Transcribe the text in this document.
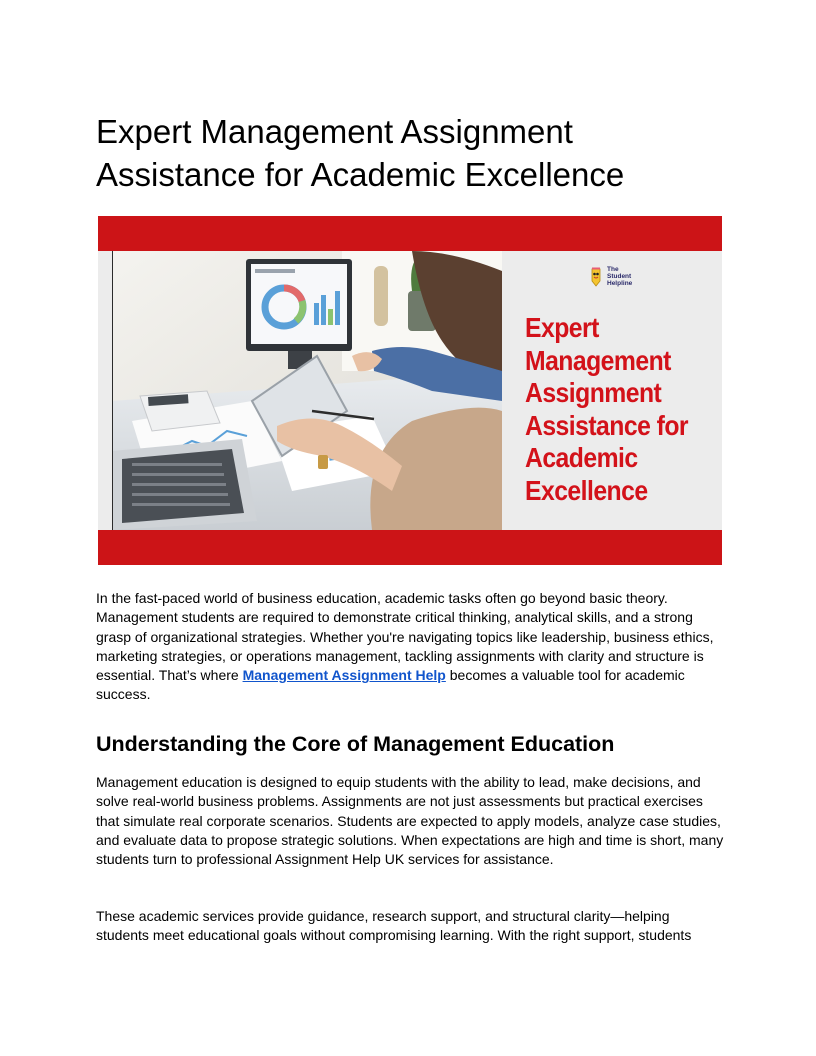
Expert Management Assignment Assistance for Academic Excellence
The Student Helpline
Expert
Management
Assignment
Assistance for
Academic
Excellence

In the fast-paced world of business education, academic tasks often go beyond basic theory. Management students are required to demonstrate critical thinking, analytical skills, and a strong grasp of organizational strategies. Whether you're navigating topics like leadership, business ethics, marketing strategies, or operations management, tackling assignments with clarity and structure is essential. That’s where Management Assignment Help becomes a valuable tool for academic success.

Understanding the Core of Management Education

Management education is designed to equip students with the ability to lead, make decisions, and solve real-world business problems. Assignments are not just assessments but practical exercises that simulate real corporate scenarios. Students are expected to apply models, analyze case studies, and evaluate data to propose strategic solutions. When expectations are high and time is short, many students turn to professional Assignment Help UK services for assistance.

These academic services provide guidance, research support, and structural clarity—helping students meet educational goals without compromising learning. With the right support, students
